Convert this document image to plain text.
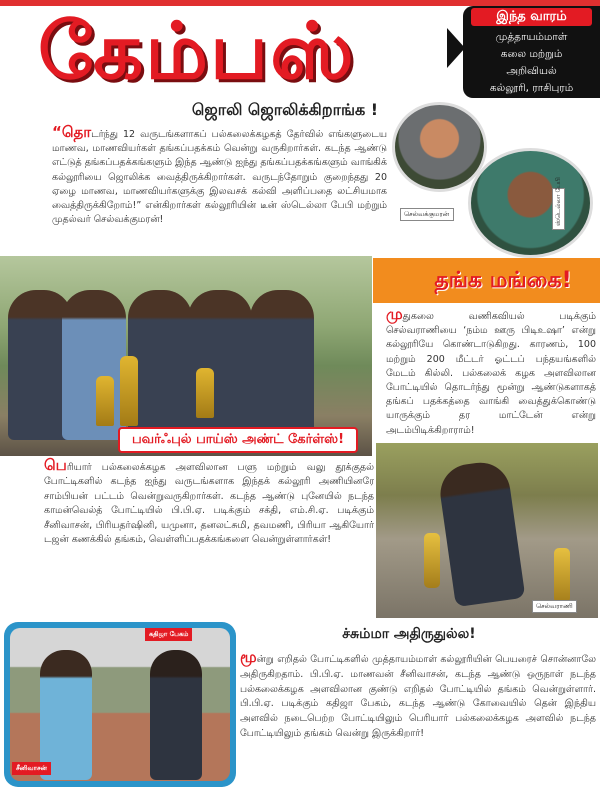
கேம்பஸ்	இந்த வாரம்
முத்தாயம்மாள்
கலை மற்றும்
அறிவியல்
கல்லூரி, ராசிபுரம்
ஜொலி ஜொலிக்கிறாங்க !
“தொடர்ந்து 12 வருடங்களாகப் பல்கலைக்கழகத் தேர்வில் எங்களுடைய மாணவ, மாணவியர்கள் தங்கப்பதக்கம் வென்று வருகிறார்கள். கடந்த ஆண்டு எட்டுத் தங்கப்பதக்கங்களும் இந்த ஆண்டு ஐந்து தங்கப்பதக்கங்களும் வாங்கிக் கல்லூரியை ஜொலிக்க வைத்திருக்கிறார்கள். வருடந்தோறும் குறைந்தது 20 ஏழை மாணவ, மாணவியர்களுக்கு இலவசக் கல்வி அளிப்பதை லட்சியமாக வைத்திருக்கிறோம்!” என்கிறார்கள் கல்லூரியின் டீன் ஸ்டெல்லா பேபி மற்றும் முதல்வர் செல்வக்குமரன்!
செல்வக்குமரன்	ஸ்டெல்லா பேபி
பவர்ஃபுல் பாய்ஸ் அண்ட் கேர்ள்ஸ்!
தங்க மங்கை!
முதுகலை வணிகவியல் படிக்கும் செல்வராணியை ‘நம்ம ஊரு பிடிஉஷா’ என்று கல்லூரியே கொண்டாடுகிறது. காரணம், 100 மற்றும் 200 மீட்டர் ஓட்டப் பந்தயங்களில் மேடம் கில்லி. பல்கலைக் கழக அளவிலான போட்டியில் தொடர்ந்து மூன்று ஆண்டுகளாகத் தங்கப் பதக்கத்தை வாங்கி வைத்துக்கொண்டு யாருக்கும் தர மாட்டேன் என்று அடம்பிடிக்கிறாராம்!
செல்வராணி
பெரியார் பல்கலைக்கழக அளவிலான பளு மற்றும் வலு தூக்குதல் போட்டிகளில் கடந்த ஐந்து வருடங்களாக இந்தக் கல்லூரி அணியினரே சாம்பியன் பட்டம் வென்றுவருகிறார்கள். கடந்த ஆண்டு புனேயில் நடந்த காமன்வெல்த் போட்டியில் பி.பி.ஏ. படிக்கும் சக்தி, எம்.சி.ஏ. படிக்கும் சீனிவாசன், பிரியதர்ஷினி, யமுனா, தனலட்சுமி, தவமணி, பிரியா ஆகியோர் டஜன் கணக்கில் தங்கம், வெள்ளிப்பதக்கங்களை வென்றுள்ளார்கள்!
கதிஜா பேகம்
சீனிவாசன்
ச்சும்மா அதிருதுல்ல!
மூன்று எறிதல் போட்டிகளில் முத்தாயம்மாள் கல்லூரியின் பெயரைச் சொன்னாலே அதிருகிறதாம். பி.பி.ஏ. மாணவன் சீனிவாசன், கடந்த ஆண்டு ஒருநாள் நடந்த பல்கலைக்கழக அளவிலான குண்டு எறிதல் போட்டியில் தங்கம் வென்றுள்ளார். பி.பி.ஏ. படிக்கும் கதிஜா பேகம், கடந்த ஆண்டு கோவையில் தென் இந்திய அளவில் நடைபெற்ற போட்டியிலும் பெரியார் பல்கலைக்கழக அளவில் நடந்த போட்டியிலும் தங்கம் வென்று இருக்கிறார்!
